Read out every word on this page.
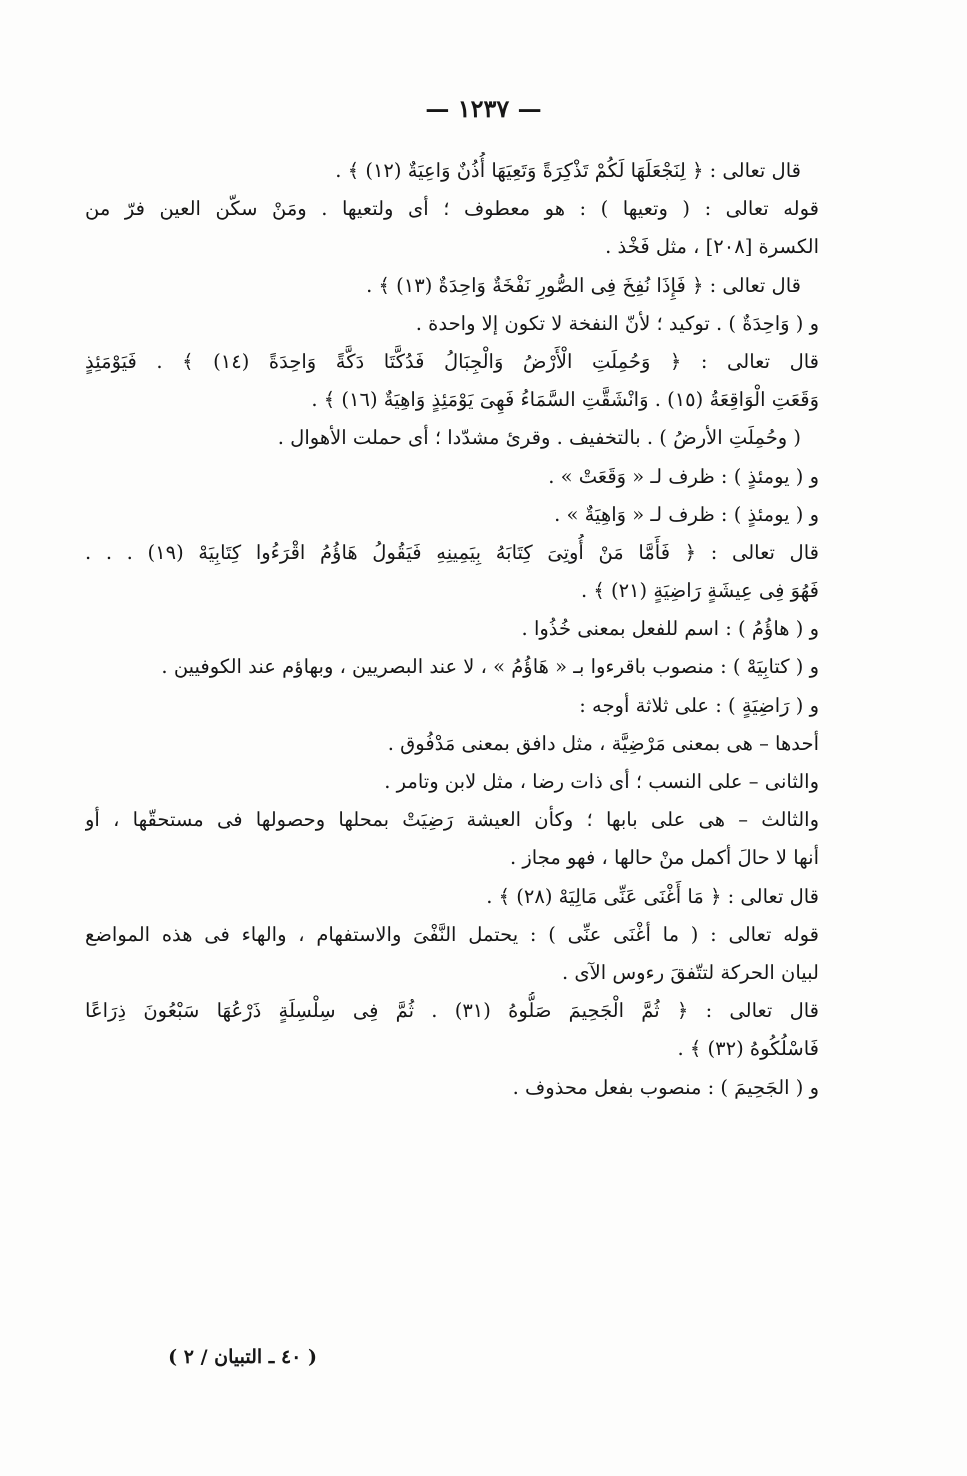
— ١٢٣٧ —
قال تعالى : ﴿ لِنَجْعَلَهَا لَكُمْ تَذْكِرَةً وَتَعِيَهَا أُذُنٌ وَاعِيَةٌ (١٢) ﴾ .
قوله تعالى : ( وتعيها ) : هو معطوف ؛ أى ولتعيها . ومَنْ سكّن العين فرّ من
الكسرة [٢٠٨] ، مثل فَخْذ .
قال تعالى : ﴿ فَإِذَا نُفِخَ فِى الصُّورِ نَفْخَةٌ وَاحِدَةٌ (١٣) ﴾ .
و ( وَاحِدَةٌ ) . توكيد ؛ لأنّ النفخة لا تكون إلا واحدة .
قال تعالى : ﴿ وَحُمِلَتِ الْأَرْضُ وَالْجِبَالُ فَدُكَّتَا دَكَّةً وَاحِدَةً (١٤) ﴾ . فَيَوْمَئِذٍ
وَقَعَتِ الْوَاقِعَةُ (١٥) . وَانْشَقَّتِ السَّمَاءُ فَهِىَ يَوْمَئِذٍ وَاهِيَةٌ (١٦) ﴾ .
( وحُمِلَتِ الأرضُ ) . بالتخفيف . وقرئ مشدّدا ؛ أى حملت الأهوال .
و ( يومئذٍ ) : ظرف لـ « وَقَعَتْ » .
و ( يومئذٍ ) : ظرف لـ « وَاهِيَةٌ » .
قال تعالى : ﴿ فَأَمَّا مَنْ أُوتِىَ كِتَابَهُ بِيَمِينِهِ فَيَقُولُ هَاؤُمُ اقْرَءُوا كِتَابِيَهْ (١٩) . . .
فَهُوَ فِى عِيشَةٍ رَاضِيَةٍ (٢١) ﴾ .
و ( هاؤُمُ ) : اسم للفعل بمعنى خُذُوا .
و ( كتابِيَهْ ) : منصوب باقرءوا بـ « هَاؤُمُ » ، لا عند البصريين ، وبهاؤم عند الكوفيين .
و ( رَاضِيَةٍ ) : على ثلاثة أوجه :
أحدها – هى بمعنى مَرْضِيَّة ، مثل دافق بمعنى مَدْفُوق .
والثانى – على النسب ؛ أى ذات رضا ، مثل لابن وتامر .
والثالث – هى على بابها ؛ وكأن العيشة رَضِيَتْ بمحلها وحصولها فى مستحقّها ، أو
أنها لا حالَ أكمل منْ حالها ، فهو مجاز .
قال تعالى : ﴿ مَا أَغْنَى عَنِّى مَالِيَهْ (٢٨) ﴾ .
قوله تعالى : ( ما أغْنَى عنِّى ) : يحتمل النَّفْىَ والاستفهام ، والهاء فى هذه المواضع
لبيان الحركة لتتّفقَ رءوس الآى .
قال تعالى : ﴿ ثُمَّ الْجَحِيمَ صَلُّوهُ (٣١) . ثُمَّ فِى سِلْسِلَةٍ ذَرْعُهَا سَبْعُونَ ذِرَاعًا
فَاسْلُكُوهُ (٣٢) ﴾ .
و ( الجَحِيمَ ) : منصوب بفعل محذوف .
( ٤٠ ـ التبيان / ٢ )
